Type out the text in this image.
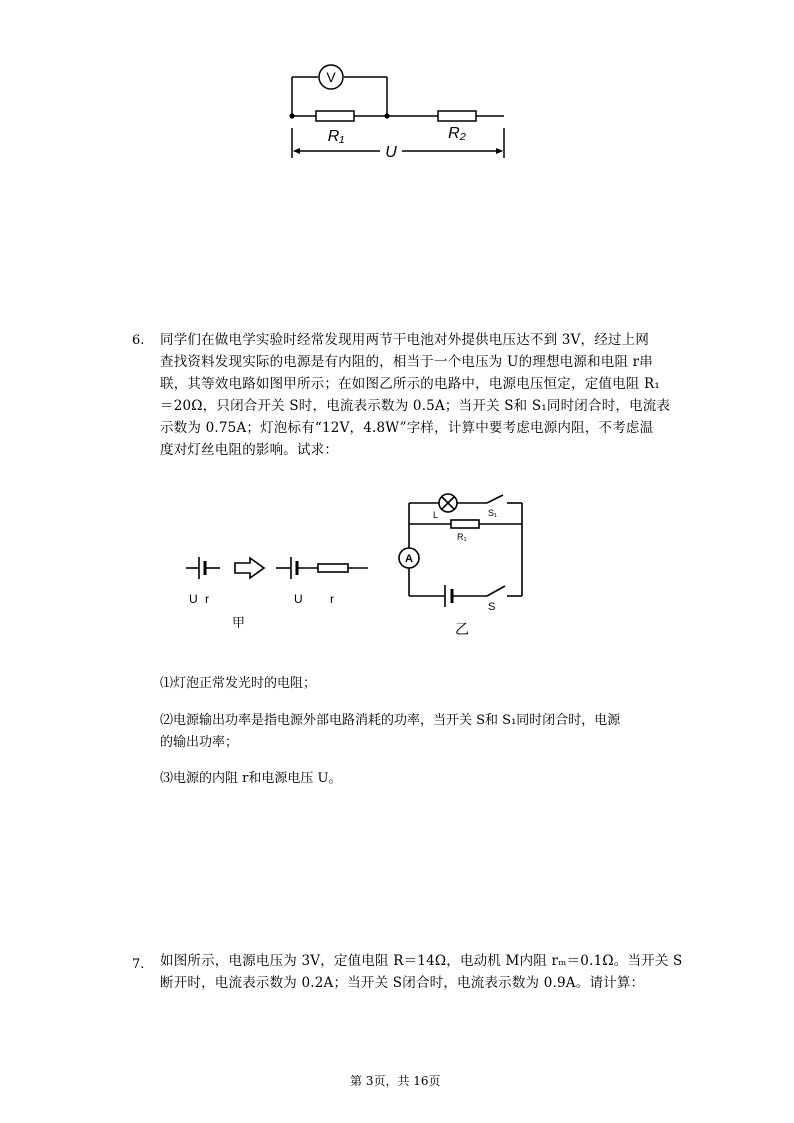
V
R₁	R₂
U
6. 同学们在做电学实验时经常发现用两节干电池对外提供电压达不到 3V，经过上网
查找资料发现实际的电源是有内阻的，相当于一个电压为 U的理想电源和电阻 r串
联，其等效电路如图甲所示；在如图乙所示的电路中，电源电压恒定，定值电阻 R₁
＝20Ω，只闭合开关 S时，电流表示数为 0.5A；当开关 S和 S₁同时闭合时，电流表
示数为 0.75A；灯泡标有“12V，4.8W”字样，计算中要考虑电源内阻，不考虑温
度对灯丝电阻的影响。试求：
U r	U r
甲
L	S₁
R₁
A
S
乙
⑴灯泡正常发光时的电阻；
⑵电源输出功率是指电源外部电路消耗的功率，当开关 S和 S₁同时闭合时，电源
的输出功率；
⑶电源的内阻 r和电源电压 U。
7. 如图所示，电源电压为 3V，定值电阻 R＝14Ω，电动机 M内阻 rₘ＝0.1Ω。当开关 S
断开时，电流表示数为 0.2A；当开关 S闭合时，电流表示数为 0.9A。请计算：
第 3页，共 16页
